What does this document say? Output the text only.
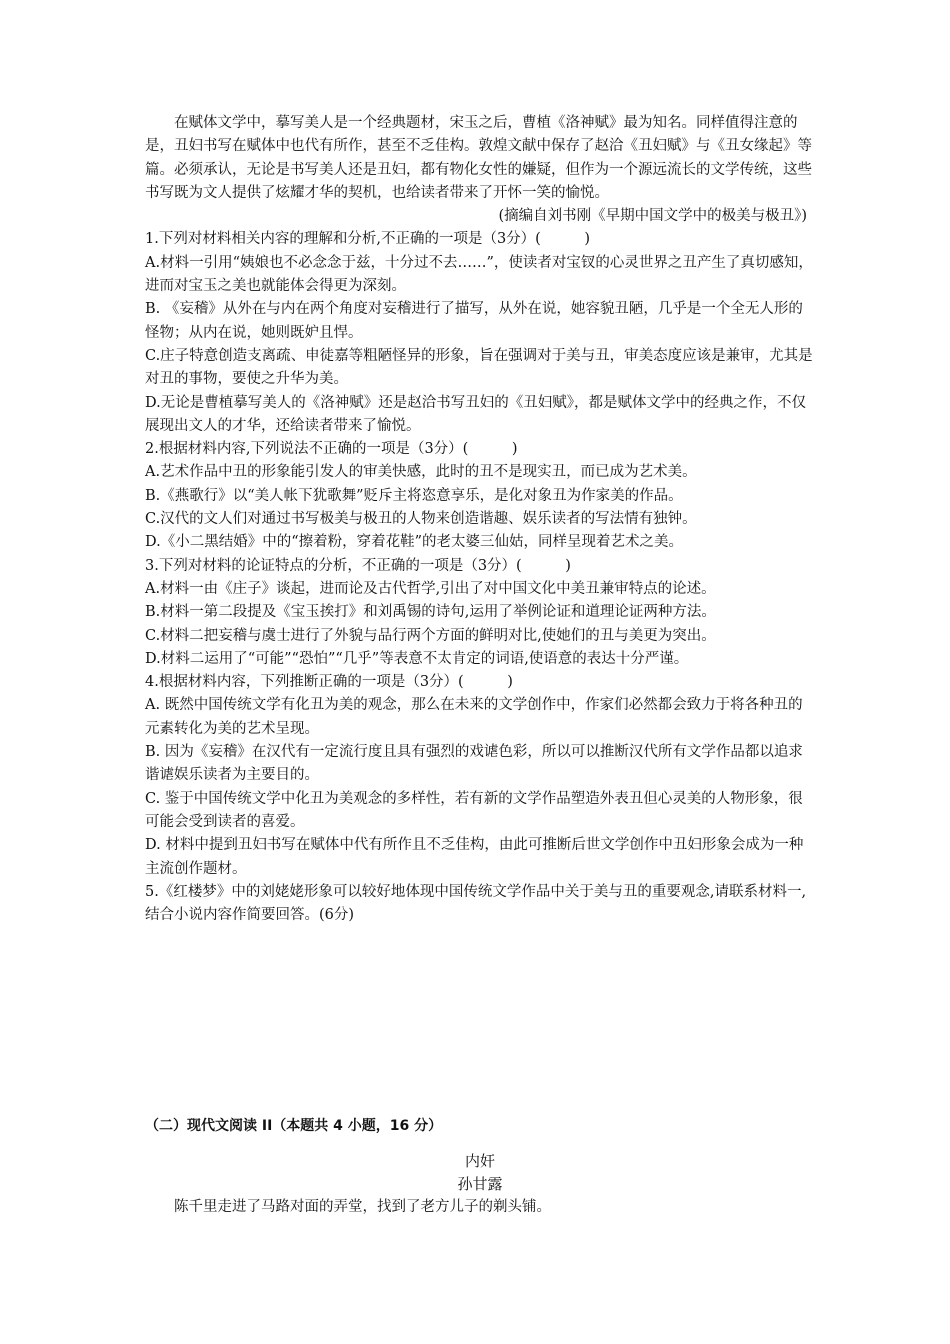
在赋体文学中，摹写美人是一个经典题材，宋玉之后，曹植《洛神赋》最为知名。同样值得注意的是，丑妇书写在赋体中也代有所作，甚至不乏佳构。敦煌文献中保存了赵洽《丑妇赋》与《丑女缘起》等篇。必须承认，无论是书写美人还是丑妇，都有物化女性的嫌疑，但作为一个源远流长的文学传统，这些书写既为文人提供了炫耀才华的契机，也给读者带来了开怀一笑的愉悦。

(摘编自刘书刚《早期中国文学中的极美与极丑》)

1.下列对材料相关内容的理解和分析,不正确的一项是（3分）(　　　)

A.材料一引用“姨娘也不必念念于兹，十分过不去……”，使读者对宝钗的心灵世界之丑产生了真切感知，进而对宝玉之美也就能体会得更为深刻。

B. 《妄稽》从外在与内在两个角度对妄稽进行了描写，从外在说，她容貌丑陋，几乎是一个全无人形的怪物；从内在说，她则既妒且悍。

C.庄子特意创造支离疏、申徒嘉等粗陋怪异的形象，旨在强调对于美与丑，审美态度应该是兼审，尤其是对丑的事物，要使之升华为美。

D.无论是曹植摹写美人的《洛神赋》还是赵洽书写丑妇的《丑妇赋》，都是赋体文学中的经典之作，不仅展现出文人的才华，还给读者带来了愉悦。

2.根据材料内容,下列说法不正确的一项是（3分）(　　　)

A.艺术作品中丑的形象能引发人的审美快感，此时的丑不是现实丑，而已成为艺术美。

B.《燕歌行》以“美人帐下犹歌舞”贬斥主将恣意享乐，是化对象丑为作家美的作品。

C.汉代的文人们对通过书写极美与极丑的人物来创造谐趣、娱乐读者的写法情有独钟。

D.《小二黑结婚》中的“擦着粉，穿着花鞋”的老太婆三仙姑，同样呈现着艺术之美。

3.下列对材料的论证特点的分析，不正确的一项是（3分）(　　　)

A.材料一由《庄子》谈起，进而论及古代哲学,引出了对中国文化中美丑兼审特点的论述。

B.材料一第二段提及《宝玉挨打》和刘禹锡的诗句,运用了举例论证和道理论证两种方法。

C.材料二把妄稽与虞士进行了外貌与品行两个方面的鲜明对比,使她们的丑与美更为突出。

D.材料二运用了“可能”“恐怕”“几乎”等表意不太肯定的词语,使语意的表达十分严谨。

4.根据材料内容，下列推断正确的一项是（3分）(　　　)

A. 既然中国传统文学有化丑为美的观念，那么在未来的文学创作中，作家们必然都会致力于将各种丑的元素转化为美的艺术呈现。

B. 因为《妄稽》在汉代有一定流行度且具有强烈的戏谑色彩，所以可以推断汉代所有文学作品都以追求谐谑娱乐读者为主要目的。

C. 鉴于中国传统文学中化丑为美观念的多样性，若有新的文学作品塑造外表丑但心灵美的人物形象，很可能会受到读者的喜爱。

D. 材料中提到丑妇书写在赋体中代有所作且不乏佳构，由此可推断后世文学创作中丑妇形象会成为一种主流创作题材。

5.《红楼梦》中的刘姥姥形象可以较好地体现中国传统文学作品中关于美与丑的重要观念,请联系材料一,结合小说内容作简要回答。(6分)

（二）现代文阅读 II（本题共 4 小题，16 分）

内奸

孙甘露

陈千里走进了马路对面的弄堂，找到了老方儿子的剃头铺。
